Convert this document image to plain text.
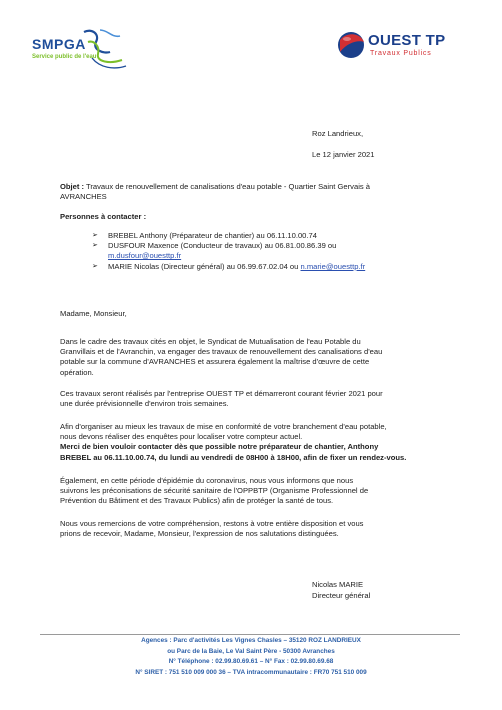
SMPGA
Service public de l'eau
OUEST TP
Travaux Publics
Roz Landrieux,
Le 12 janvier 2021
Objet : Travaux de renouvellement de canalisations d'eau potable - Quartier Saint Gervais à
AVRANCHES
Personnes à contacter :
➢ BREBEL Anthony (Préparateur de chantier) au 06.11.10.00.74
➢ DUSFOUR Maxence (Conducteur de travaux) au 06.81.00.86.39 ou
m.dusfour@ouesttp.fr
➢ MARIE Nicolas (Directeur général) au 06.99.67.02.04 ou n.marie@ouesttp.fr
Madame, Monsieur,
Dans le cadre des travaux cités en objet, le Syndicat de Mutualisation de l'eau Potable du
Granvillais et de l'Avranchin, va engager des travaux de renouvellement des canalisations d'eau
potable sur la commune d'AVRANCHES et assurera également la maîtrise d'œuvre de cette
opération.
Ces travaux seront réalisés par l'entreprise OUEST TP et démarreront courant février 2021 pour
une durée prévisionnelle d'environ trois semaines.
Afin d'organiser au mieux les travaux de mise en conformité de votre branchement d'eau potable,
nous devons réaliser des enquêtes pour localiser votre compteur actuel.
Merci de bien vouloir contacter dès que possible notre préparateur de chantier, Anthony
BREBEL au 06.11.10.00.74, du lundi au vendredi de 08H00 à 18H00, afin de fixer un rendez-vous.
Également, en cette période d'épidémie du coronavirus, nous vous informons que nous
suivrons les préconisations de sécurité sanitaire de l'OPPBTP (Organisme Professionnel de
Prévention du Bâtiment et des Travaux Publics) afin de protéger la santé de tous.
Nous vous remercions de votre compréhension, restons à votre entière disposition et vous
prions de recevoir, Madame, Monsieur, l'expression de nos salutations distinguées.
Nicolas MARIE
Directeur général
Agences : Parc d'activités Les Vignes Chasles – 35120 ROZ LANDRIEUX
ou Parc de la Baie, Le Val Saint Père - 50300 Avranches
N° Téléphone : 02.99.80.69.61 – N° Fax : 02.99.80.69.68
N° SIRET : 751 510 009 000 36 – TVA intracommunautaire : FR70 751 510 009
